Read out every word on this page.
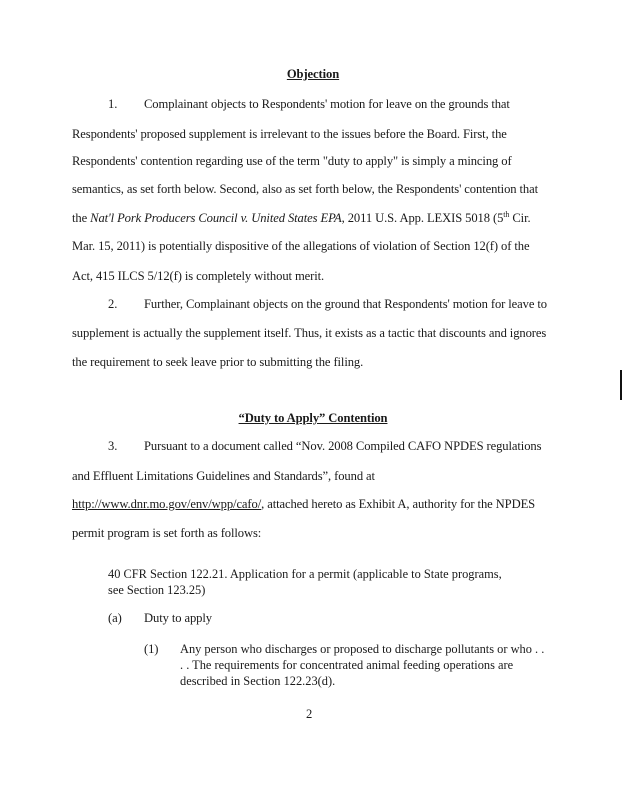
Objection
1. Complainant objects to Respondents' motion for leave on the grounds that
Respondents' proposed supplement is irrelevant to the issues before the Board. First, the
Respondents' contention regarding use of the term "duty to apply" is simply a mincing of
semantics, as set forth below. Second, also as set forth below, the Respondents' contention that
the Nat'l Pork Producers Council v. United States EPA, 2011 U.S. App. LEXIS 5018 (5th Cir.
Mar. 15, 2011) is potentially dispositive of the allegations of violation of Section 12(f) of the
Act, 415 ILCS 5/12(f) is completely without merit.
2. Further, Complainant objects on the ground that Respondents' motion for leave to
supplement is actually the supplement itself. Thus, it exists as a tactic that discounts and ignores
the requirement to seek leave prior to submitting the filing.
“Duty to Apply” Contention
3. Pursuant to a document called “Nov. 2008 Compiled CAFO NPDES regulations
and Effluent Limitations Guidelines and Standards”, found at
http://www.dnr.mo.gov/env/wpp/cafo/, attached hereto as Exhibit A, authority for the NPDES
permit program is set forth as follows:
40 CFR Section 122.21. Application for a permit (applicable to State programs, see Section 123.25)
(a) Duty to apply
(1) Any person who discharges or proposed to discharge pollutants or who . . . . The requirements for concentrated animal feeding operations are described in Section 122.23(d).
2
